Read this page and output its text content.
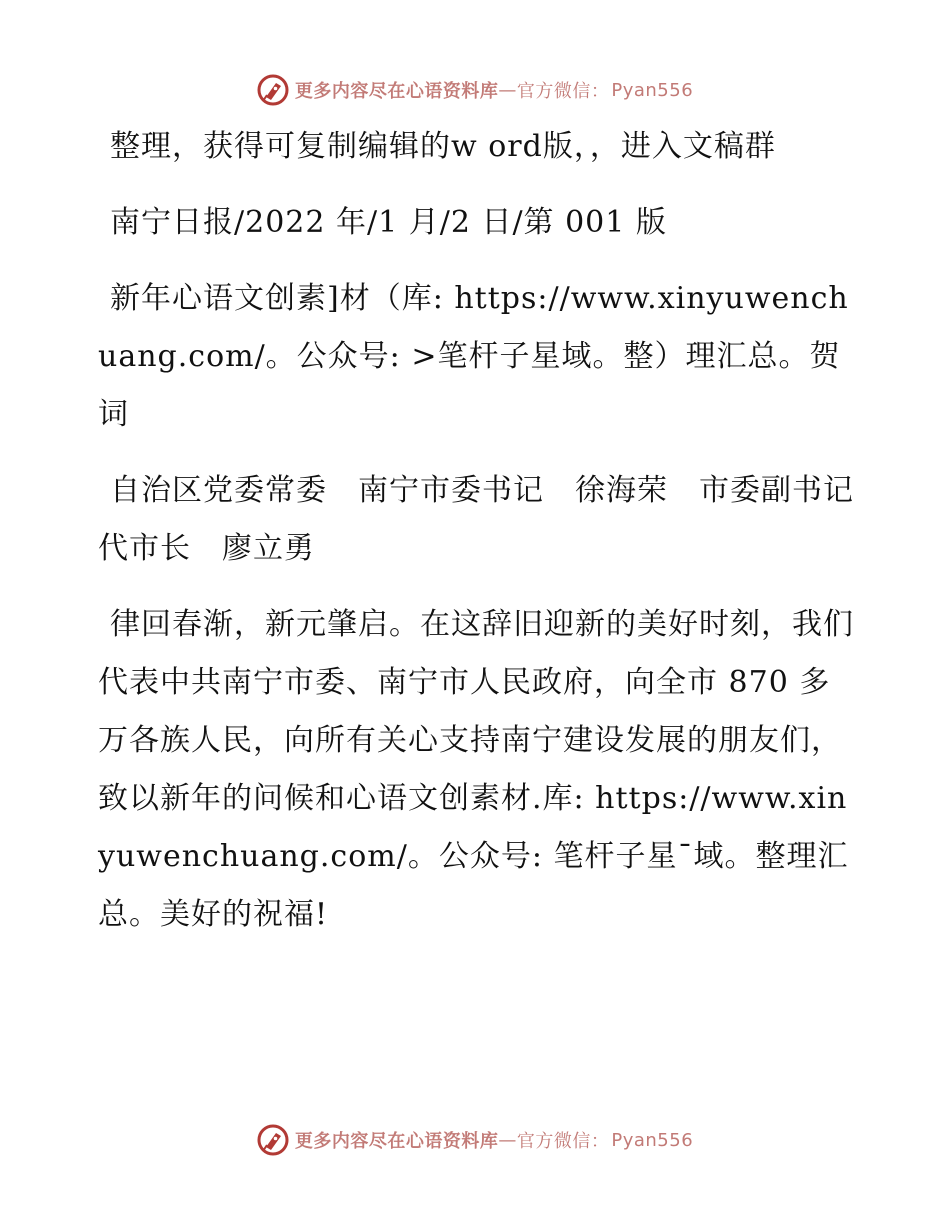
更多内容尽在心语资料库 — 官方微信： Pyan556

整理，获得可复制编辑的w ord版，，进入文稿群

南宁日报/2022 年/1 月/2 日/第 001 版

新年心语文创素]材（库: https://www.xinyuwenchuang.com/。公众号: >笔杆子星域。整）理汇总。贺词

自治区党委常委　南宁市委书记　徐海荣　市委副书记　代市长　廖立勇

律回春渐，新元肇启。在这辞旧迎新的美好时刻，我们代表中共南宁市委、南宁市人民政府，向全市 870 多万各族人民，向所有关心支持南宁建设发展的朋友们，致以新年的问候和心语文创素材.库: https://www.xinyuwenchuang.com/。公众号: 笔杆子星¯域。整理汇总。美好的祝福!

更多内容尽在心语资料库 — 官方微信： Pyan556
